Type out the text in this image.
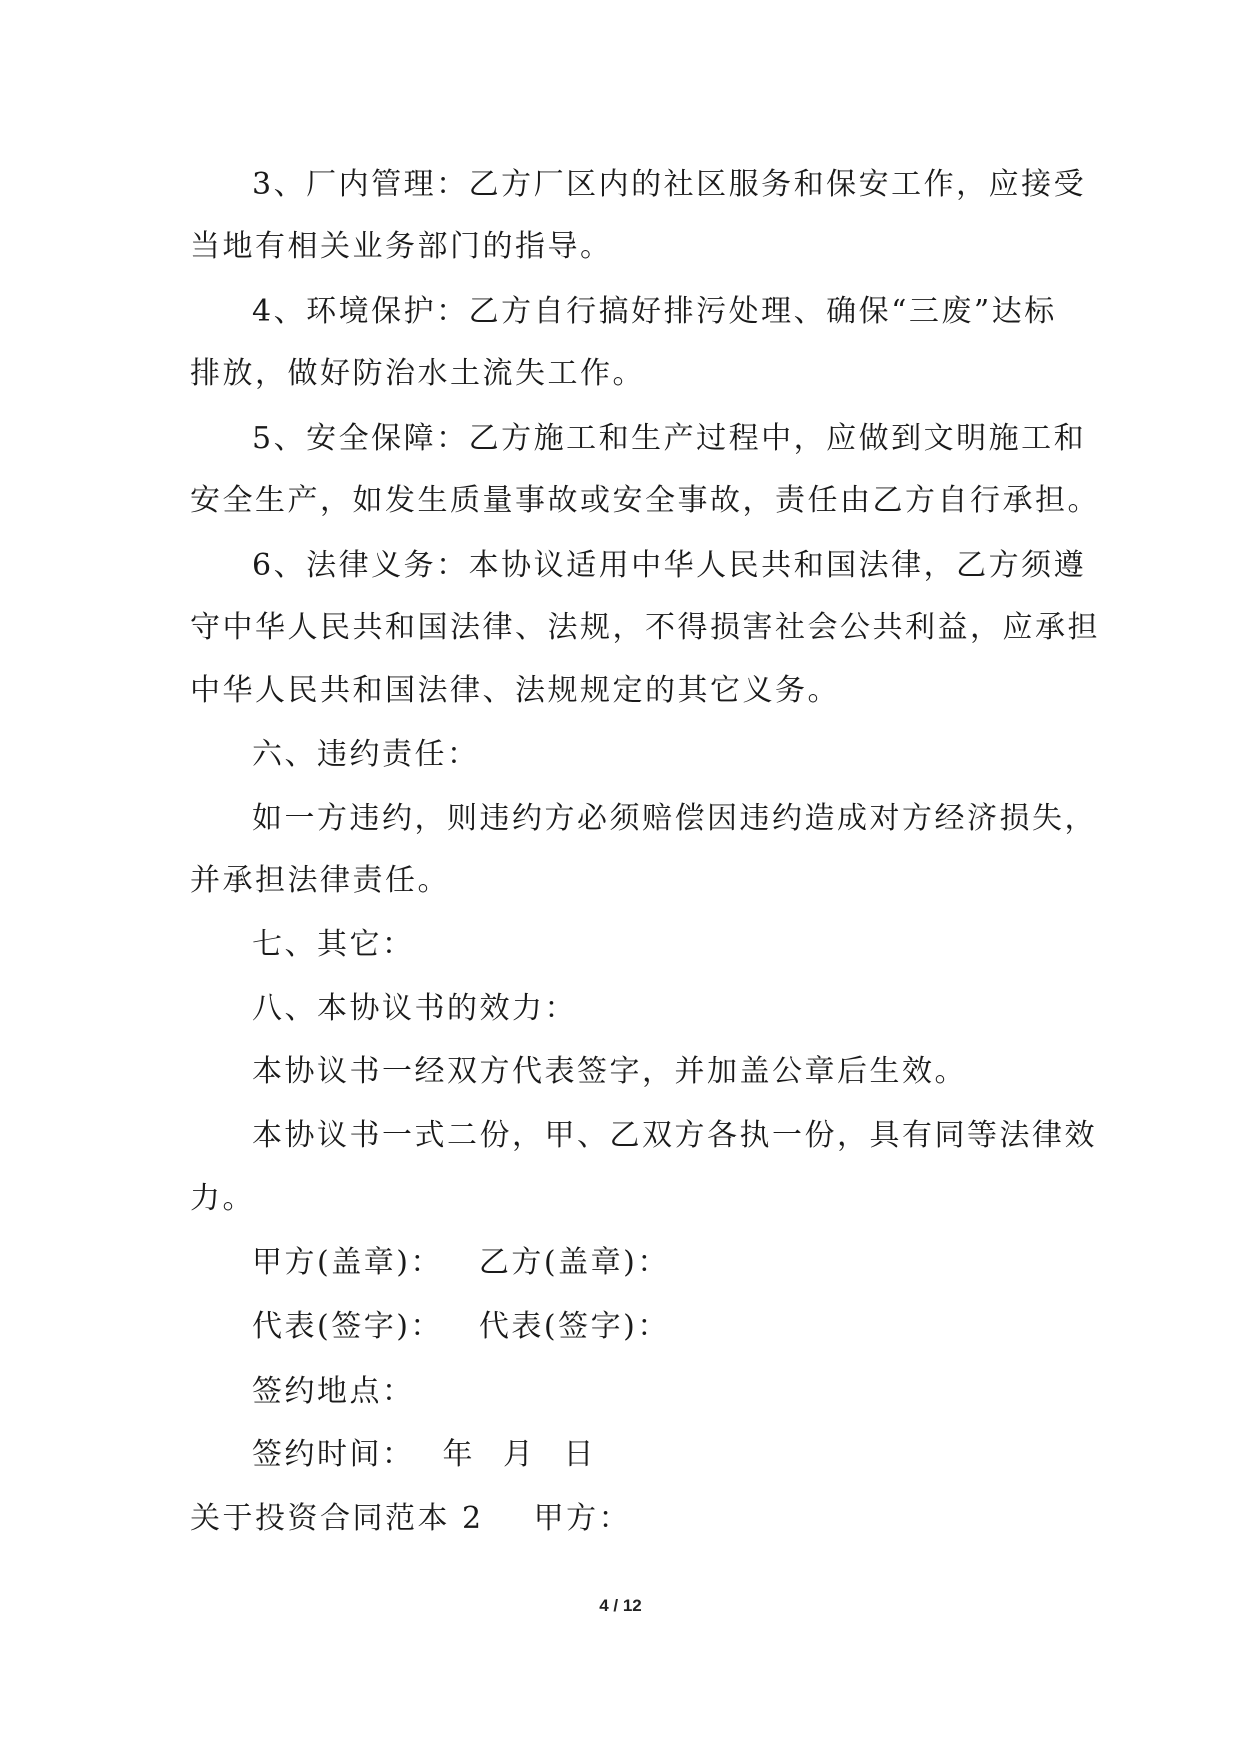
3、厂内管理：乙方厂区内的社区服务和保安工作，应接受
当地有相关业务部门的指导。
4、环境保护：乙方自行搞好排污处理、确保“三废”达标
排放，做好防治水土流失工作。
5、安全保障：乙方施工和生产过程中，应做到文明施工和
安全生产，如发生质量事故或安全事故，责任由乙方自行承担。
6、法律义务：本协议适用中华人民共和国法律，乙方须遵
守中华人民共和国法律、法规，不得损害社会公共利益，应承担
中华人民共和国法律、法规规定的其它义务。
六、违约责任：
如一方违约，则违约方必须赔偿因违约造成对方经济损失，
并承担法律责任。
七、其它：
八、本协议书的效力：
本协议书一经双方代表签字，并加盖公章后生效。
本协议书一式二份，甲、乙双方各执一份，具有同等法律效
力。
甲方(盖章)： 乙方(盖章)：
代表(签字)： 代表(签字)：
签约地点：
签约时间： 年 月 日
关于投资合同范本 2 甲方：
4 / 12
